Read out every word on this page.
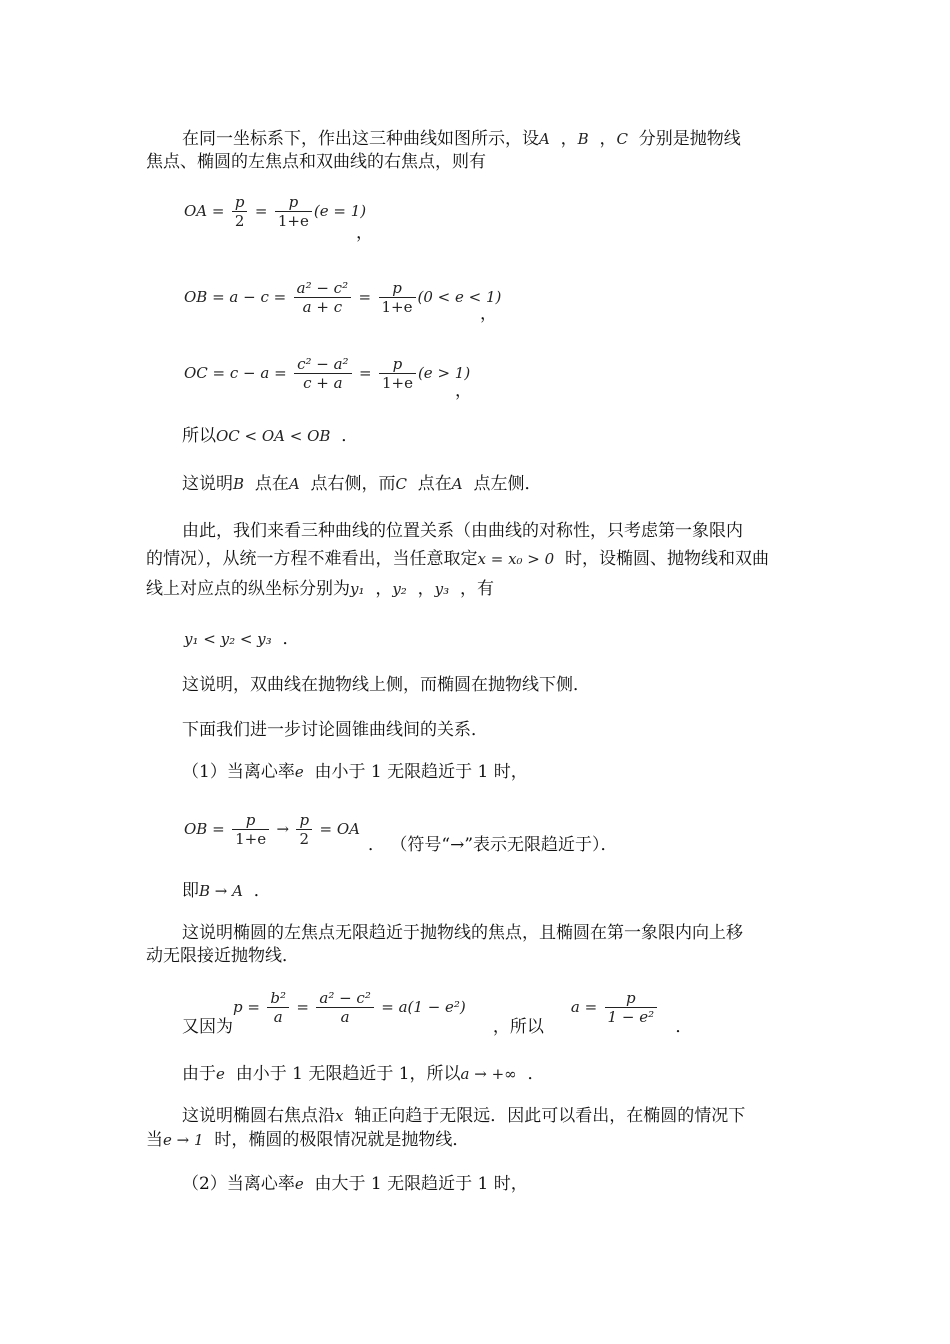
在同一坐标系下，作出这三种曲线如图所示，设A ，B ，C 分别是抛物线
焦点、椭圆的左焦点和双曲线的右焦点，则有
OA = $\frac{p}{2} = \frac{p}{1+e} (e = 1)$
，
OB = $a - c = \frac{\text{a² − c²}}{a + c} = \frac{p}{1+e} (0 < e < 1)$
，
OC = $c - a = \frac{\text{c² − a²}}{c + a} = \frac{p}{1+e} (e > 1)$
，
所以OC < OA < OB ．
这说明B 点在A 点右侧，而C 点在A 点左侧．
由此，我们来看三种曲线的位置关系（由曲线的对称性，只考虑第一象限内
的情况），从统一方程不难看出，当任意取定x = x₀ > 0 时，设椭圆、抛物线和双曲
线上对应点的纵坐标分别为y₁ ，y₂ ，y₃ ，有
y₁ < y₂ < y₃ ．
这说明，双曲线在抛物线上侧，而椭圆在抛物线下侧．
下面我们进一步讨论圆锥曲线间的关系．
（1）当离心率e 由小于 1 无限趋近于 1 时，
OB = $\frac{p}{1+e} \to \frac{p}{2}$ = OA
． （符号“→”表示无限趋近于）．
即B → A ．
这说明椭圆的左焦点无限趋近于抛物线的焦点，且椭圆在第一象限内向上移
动无限接近抛物线．
又因为$p = \frac{\text{b²}}{a} = \frac{\text{a² − c²}}{a} = a(1 - e^2)$     ，所以     $a = \frac{p}{\text{1 − e²}}$
．
由于e 由小于 1 无限趋近于 1，所以a → +∞ ．
这说明椭圆右焦点沿x 轴正向趋于无限远．因此可以看出，在椭圆的情况下
当e → 1 时，椭圆的极限情况就是抛物线．
（2）当离心率e 由大于 1 无限趋近于 1 时，
